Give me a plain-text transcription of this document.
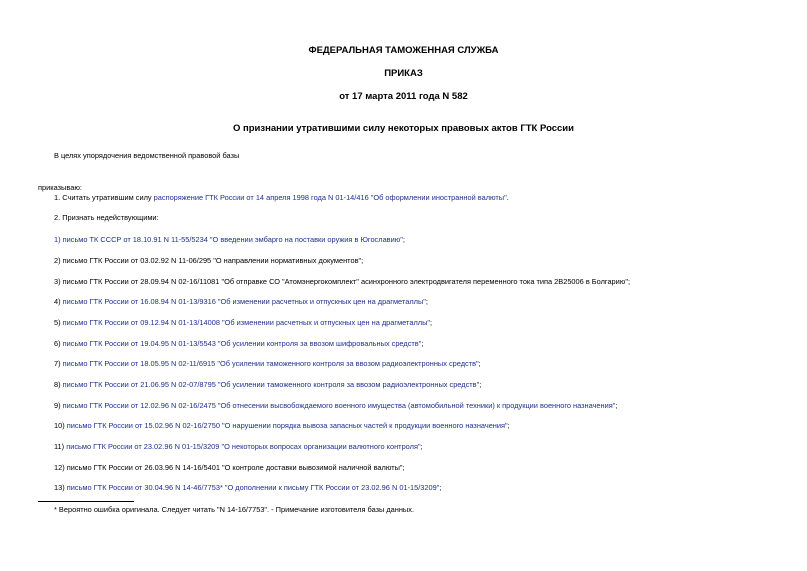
ФЕДЕРАЛЬНАЯ ТАМОЖЕННАЯ СЛУЖБА
ПРИКАЗ
от 17 марта 2011 года N 582
О признании утратившими силу некоторых правовых актов ГТК России
В целях упорядочения ведомственной правовой базы
приказываю:
1. Считать утратившим силу распоряжение ГТК России от 14 апреля 1998 года N 01-14/416 "Об оформлении иностранной валюты".
2. Признать недействующими:
1) письмо ТК СССР от 18.10.91 N 11-55/5234 "О введении эмбарго на поставки оружия в Югославию";
2) письмо ГТК России от 03.02.92 N 11-06/295 "О направлении нормативных документов";
3) письмо ГТК России от 28.09.94 N 02-16/11081 "Об отправке СО "Атомэнергокомплект" асинхронного электродвигателя переменного тока типа 2В25006 в Болгарию";
4) письмо ГТК России от 16.08.94 N 01-13/9316 "Об изменении расчетных и отпускных цен на драгметаллы";
5) письмо ГТК России от 09.12.94 N 01-13/14008 "Об изменении расчетных и отпускных цен на драгметаллы";
6) письмо ГТК России от 19.04.95 N 01-13/5543 "Об усилении контроля за ввозом шифровальных средств";
7) письмо ГТК России от 18.05.95 N 02-11/6915 "Об усилении таможенного контроля за ввозом радиоэлектронных средств";
8) письмо ГТК России от 21.06.95 N 02-07/8795 "Об усилении таможенного контроля за ввозом радиоэлектронных средств";
9) письмо ГТК России от 12.02.96 N 02-16/2475 "Об отнесении высвобождаемого военного имущества (автомобильной техники) к продукции военного назначения";
10) письмо ГТК России от 15.02.96 N 02-16/2750 "О нарушении порядка вывоза запасных частей к продукции военного назначения";
11) письмо ГТК России от 23.02.96 N 01-15/3209 "О некоторых вопросах организации валютного контроля";
12) письмо ГТК России от 26.03.96 N 14-16/5401 "О контроле доставки вывозимой наличной валюты";
13) письмо ГТК России от 30.04.96 N 14-46/7753* "О дополнении к письму ГТК России от 23.02.96 N 01-15/3209";
* Вероятно ошибка оригинала. Следует читать "N 14-16/7753". - Примечание изготовителя базы данных.
